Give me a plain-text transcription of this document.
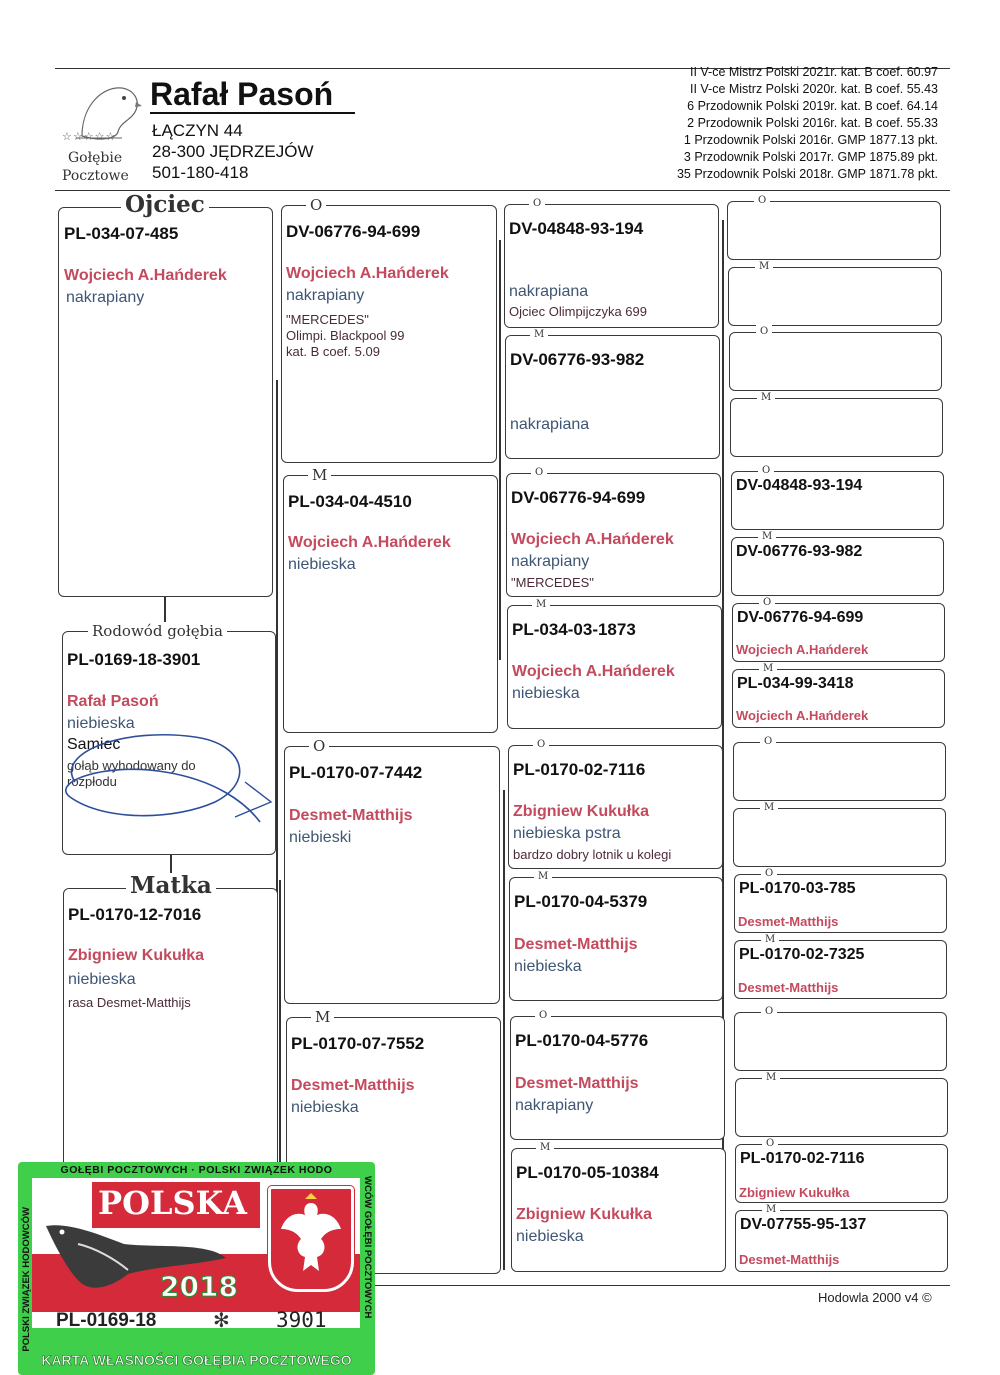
☆☆☆☆☆
Gołębie
Pocztowe
Rafał Pasoń
ŁĄCZYN 44
28-300 JĘDRZEJÓW
501-180-418
II V-ce Mistrz Polski 2021r. kat. B coef. 60.97
II V-ce Mistrz Polski 2020r. kat. B coef. 55.43
6 Przodownik Polski 2019r. kat. B coef. 64.14
2 Przodownik Polski 2016r. kat. B coef. 55.33
1 Przodownik Polski 2016r. GMP 1877.13 pkt.
3 Przodownik Polski 2017r. GMP 1875.89 pkt.
35 Przodownik Polski 2018r. GMP 1871.78 pkt.
Ojciec
PL-034-07-485
Wojciech A.Hańderek
nakrapiany
Rodowód gołębia
PL-0169-18-3901
Rafał Pasoń
niebieska
Samiec
gołąb wyhodowany do rozpłodu
Matka
PL-0170-12-7016
Zbigniew Kukułka
niebieska
rasa Desmet-Matthijs
O
DV-06776-94-699
Wojciech A.Hańderek
nakrapiany
"MERCEDES"
Olimpi. Blackpool 99
kat. B coef. 5.09
M
PL-034-04-4510
Wojciech A.Hańderek
niebieska
O
PL-0170-07-7442
Desmet-Matthijs
niebieski
M
PL-0170-07-7552
Desmet-Matthijs
niebieska
O
DV-04848-93-194
nakrapiana
Ojciec Olimpijczyka 699
M
DV-06776-93-982
nakrapiana
O
DV-06776-94-699
Wojciech A.Hańderek
nakrapiany
"MERCEDES"
M
PL-034-03-1873
Wojciech A.Hańderek
niebieska
O
PL-0170-02-7116
Zbigniew Kukułka
niebieska pstra
bardzo dobry lotnik u kolegi
M
PL-0170-04-5379
Desmet-Matthijs
niebieska
O
PL-0170-04-5776
Desmet-Matthijs
nakrapiany
M
PL-0170-05-10384
Zbigniew Kukułka
niebieska
O
M
O
M
O
DV-04848-93-194
M
DV-06776-93-982
O
DV-06776-94-699
Wojciech A.Hańderek
M
PL-034-99-3418
Wojciech A.Hańderek
O
M
O
PL-0170-03-785
Desmet-Matthijs
M
PL-0170-02-7325
Desmet-Matthijs
O
M
O
PL-0170-02-7116
Zbigniew Kukułka
M
DV-07755-95-137
Desmet-Matthijs
Hodowla 2000 v4 ©
GOŁĘBI POCZTOWYCH · POLSKI ZWIĄZEK HODO
POLSKA
2018
POLSKI ZWIĄZEK HODOWCÓW	WCÓW GOŁĘBI POCZTOWYCH
PL-0169-18	✻ 3901
KARTA WŁASNOŚCI GOŁĘBIA POCZTOWEGO
